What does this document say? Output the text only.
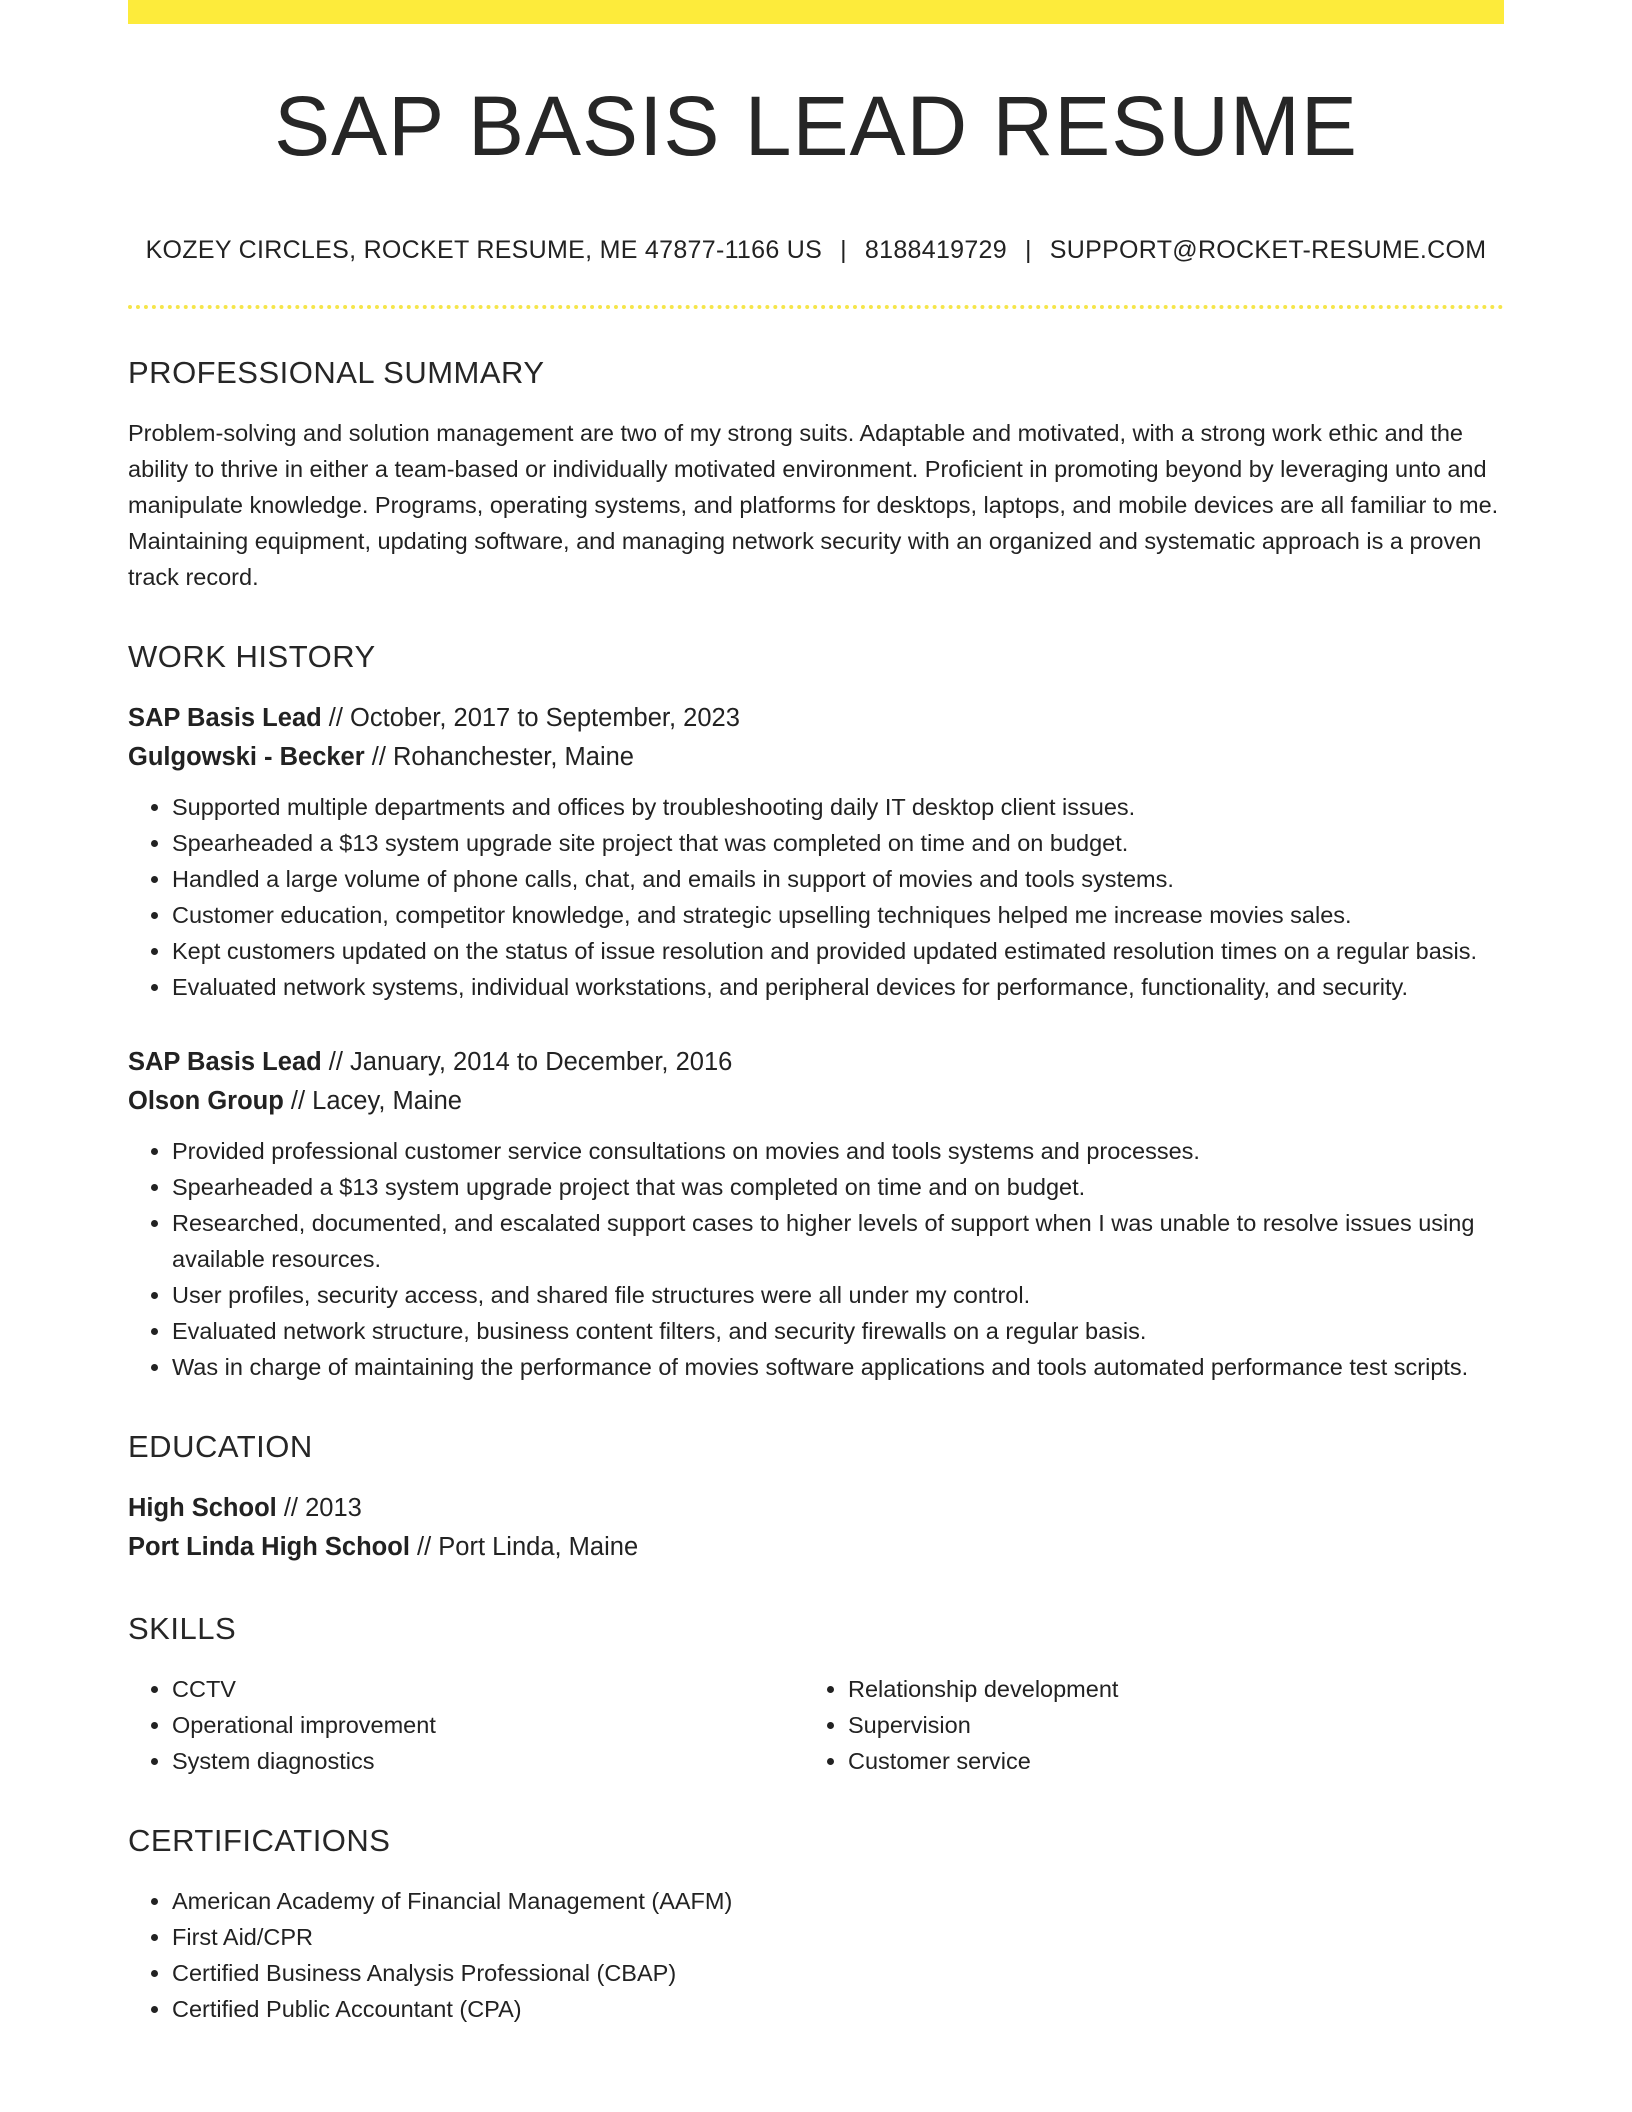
SAP BASIS LEAD RESUME
KOZEY CIRCLES, ROCKET RESUME, ME 47877-1166 US | 8188419729 | SUPPORT@ROCKET-RESUME.COM
PROFESSIONAL SUMMARY

Problem-solving and solution management are two of my strong suits. Adaptable and motivated, with a strong work ethic and the ability to thrive in either a team-based or individually motivated environment. Proficient in promoting beyond by leveraging unto and manipulate knowledge. Programs, operating systems, and platforms for desktops, laptops, and mobile devices are all familiar to me. Maintaining equipment, updating software, and managing network security with an organized and systematic approach is a proven track record.

WORK HISTORY
SAP Basis Lead // October, 2017 to September, 2023
Gulgowski - Becker // Rohanchester, Maine
• Supported multiple departments and offices by troubleshooting daily IT desktop client issues.
• Spearheaded a $13 system upgrade site project that was completed on time and on budget.
• Handled a large volume of phone calls, chat, and emails in support of movies and tools systems.
• Customer education, competitor knowledge, and strategic upselling techniques helped me increase movies sales.
• Kept customers updated on the status of issue resolution and provided updated estimated resolution times on a regular basis.
• Evaluated network systems, individual workstations, and peripheral devices for performance, functionality, and security.
SAP Basis Lead // January, 2014 to December, 2016
Olson Group // Lacey, Maine
• Provided professional customer service consultations on movies and tools systems and processes.
• Spearheaded a $13 system upgrade project that was completed on time and on budget.
• Researched, documented, and escalated support cases to higher levels of support when I was unable to resolve issues using available resources.
• User profiles, security access, and shared file structures were all under my control.
• Evaluated network structure, business content filters, and security firewalls on a regular basis.
• Was in charge of maintaining the performance of movies software applications and tools automated performance test scripts.
EDUCATION
High School // 2013
Port Linda High School // Port Linda, Maine
SKILLS
• CCTV
• Operational improvement
• System diagnostics
• Relationship development
• Supervision
• Customer service
CERTIFICATIONS
• American Academy of Financial Management (AAFM)
• First Aid/CPR
• Certified Business Analysis Professional (CBAP)
• Certified Public Accountant (CPA)
